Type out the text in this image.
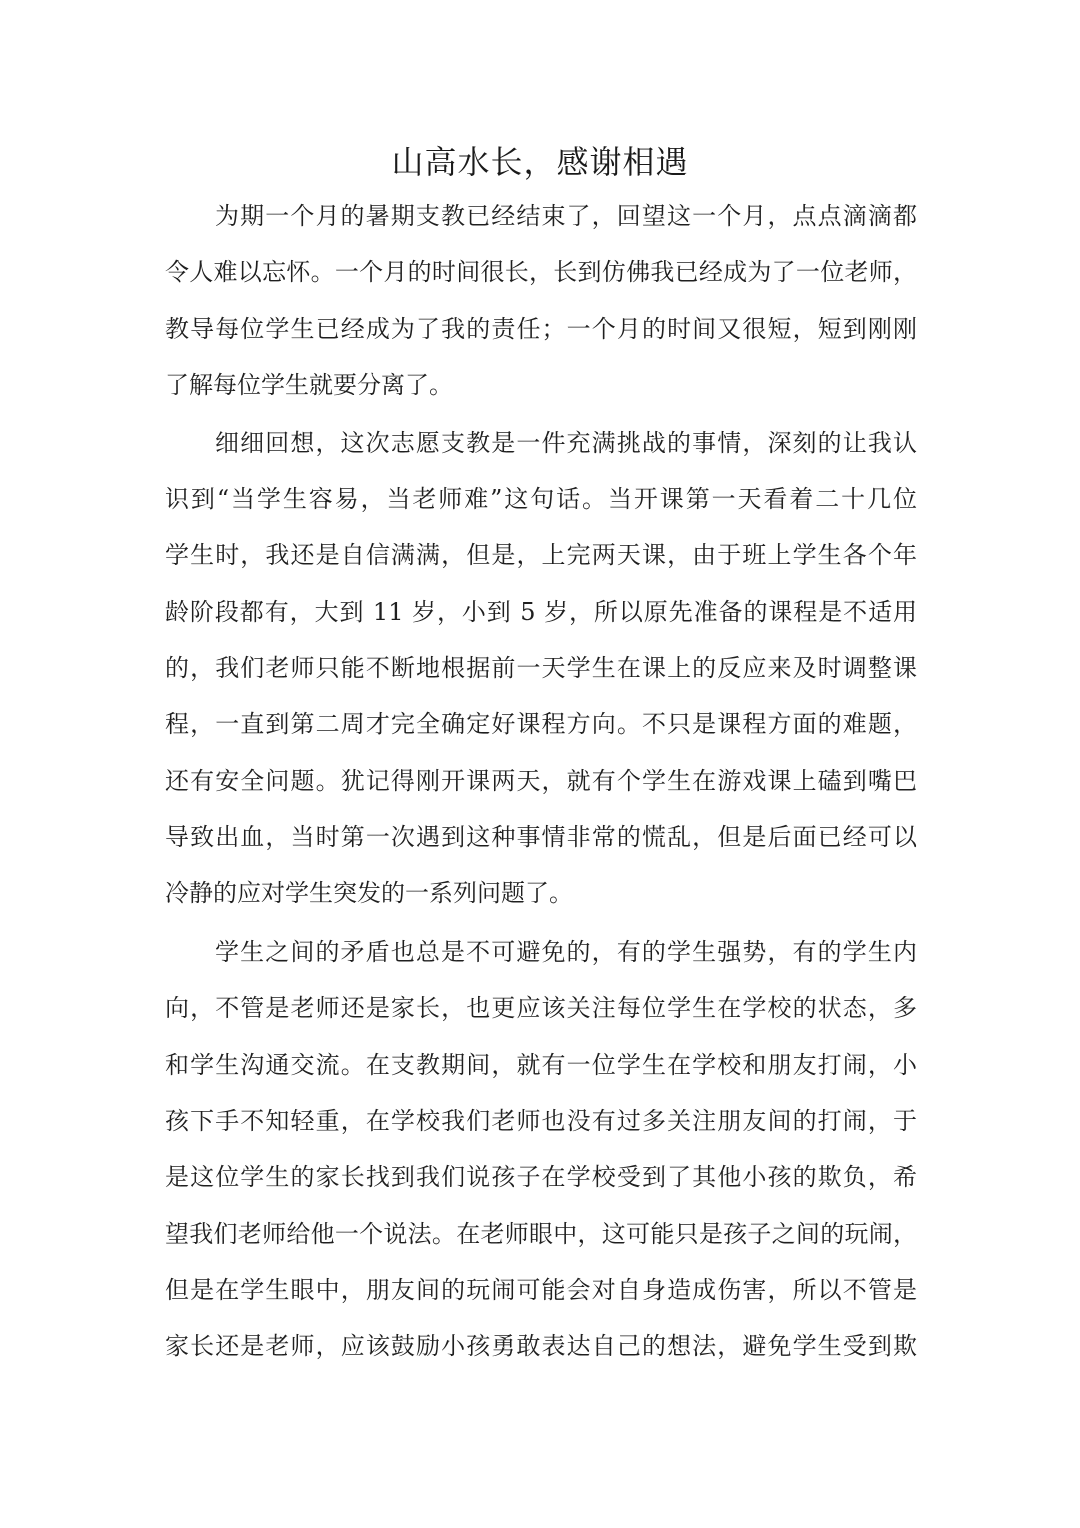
山高水长，感谢相遇
为期一个月的暑期支教已经结束了，回望这一个月，点点滴滴都
令人难以忘怀。一个月的时间很长，长到仿佛我已经成为了一位老师，
教导每位学生已经成为了我的责任；一个月的时间又很短，短到刚刚
了解每位学生就要分离了。
细细回想，这次志愿支教是一件充满挑战的事情，深刻的让我认
识到“当学生容易，当老师难”这句话。当开课第一天看着二十几位
学生时，我还是自信满满，但是，上完两天课，由于班上学生各个年
龄阶段都有，大到 11 岁，小到 5 岁，所以原先准备的课程是不适用
的，我们老师只能不断地根据前一天学生在课上的反应来及时调整课
程，一直到第二周才完全确定好课程方向。不只是课程方面的难题，
还有安全问题。犹记得刚开课两天，就有个学生在游戏课上磕到嘴巴
导致出血，当时第一次遇到这种事情非常的慌乱，但是后面已经可以
冷静的应对学生突发的一系列问题了。
学生之间的矛盾也总是不可避免的，有的学生强势，有的学生内
向，不管是老师还是家长，也更应该关注每位学生在学校的状态，多
和学生沟通交流。在支教期间，就有一位学生在学校和朋友打闹，小
孩下手不知轻重，在学校我们老师也没有过多关注朋友间的打闹，于
是这位学生的家长找到我们说孩子在学校受到了其他小孩的欺负，希
望我们老师给他一个说法。在老师眼中，这可能只是孩子之间的玩闹，
但是在学生眼中，朋友间的玩闹可能会对自身造成伤害，所以不管是
家长还是老师，应该鼓励小孩勇敢表达自己的想法，避免学生受到欺
